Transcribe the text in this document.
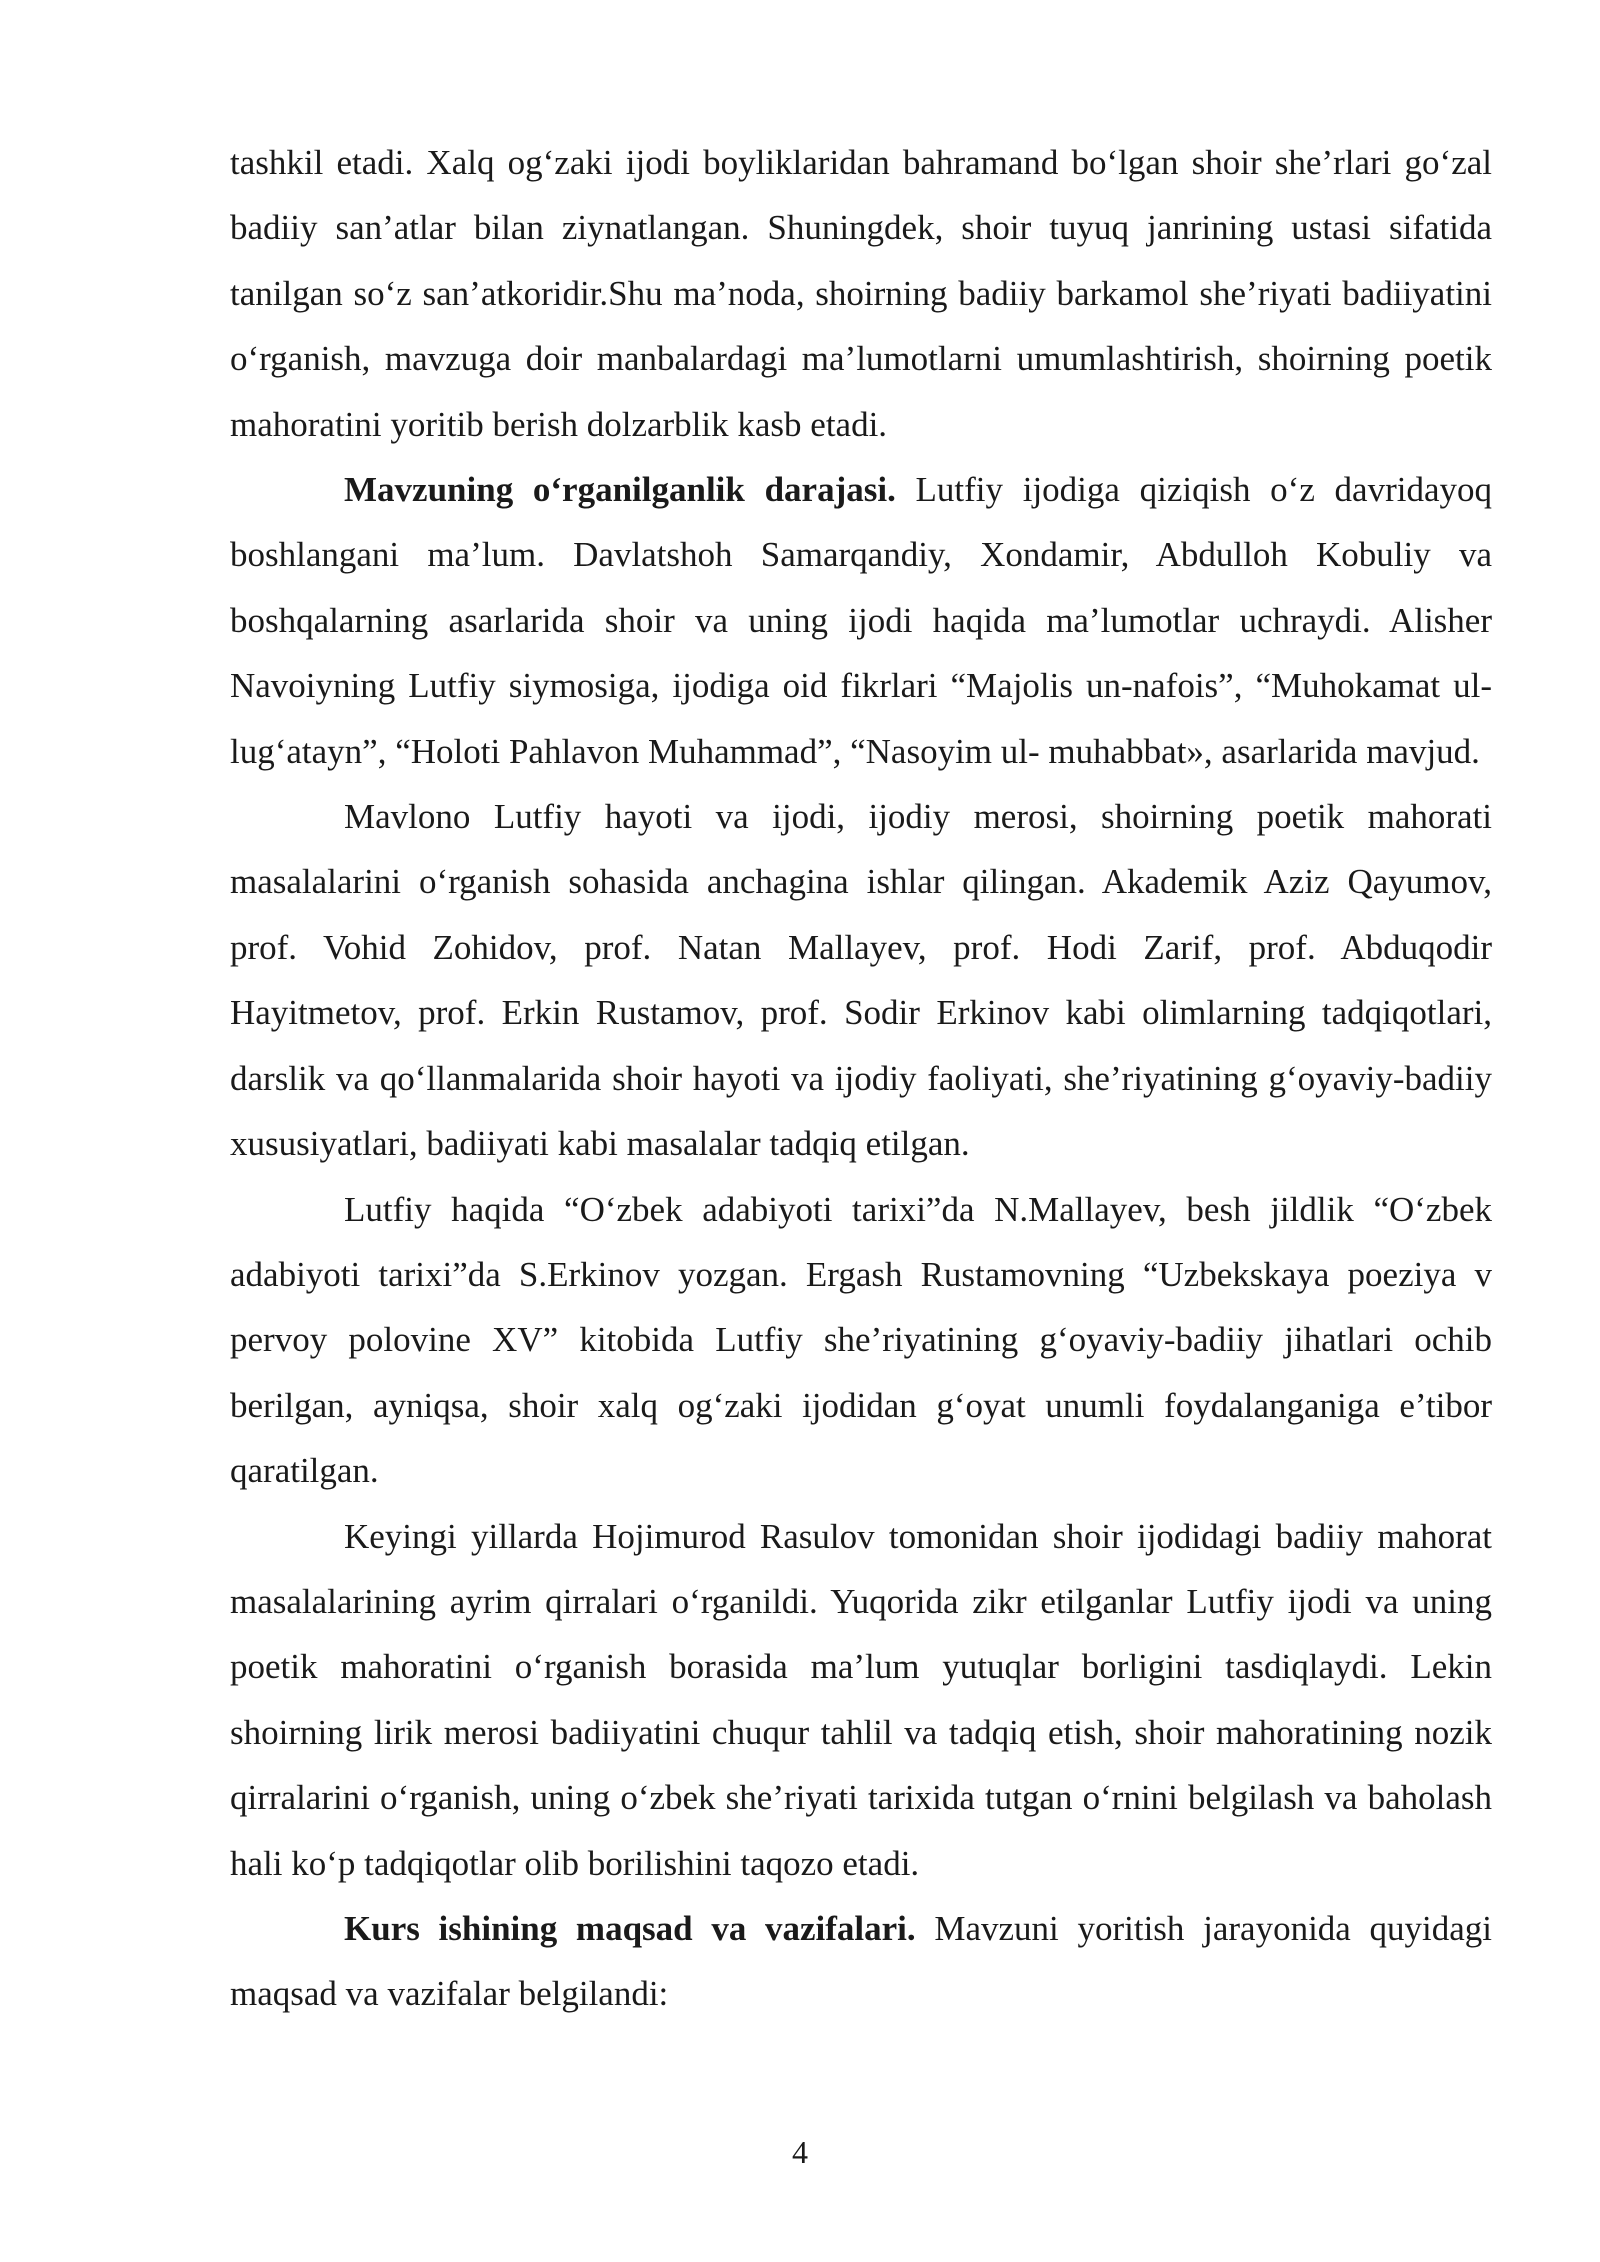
tashkil etadi. Xalq og‘zaki ijodi boyliklaridan bahramand bo‘lgan shoir she’rlari go‘zal badiiy san’atlar bilan ziynatlangan. Shuningdek, shoir tuyuq janrining ustasi sifatida tanilgan so‘z san’atkoridir.Shu ma’noda, shoirning badiiy barkamol she’riyati badiiyatini o‘rganish, mavzuga doir manbalardagi ma’lumotlarni umumlashtirish, shoirning poetik mahoratini yoritib berish dolzarblik kasb etadi.

Mavzuning o‘rganilganlik darajasi. Lutfiy ijodiga qiziqish o‘z davridayoq boshlangani ma’lum. Davlatshoh Samarqandiy, Xondamir, Abdulloh Kobuliy va boshqalarning asarlarida shoir va uning ijodi haqida ma’lumotlar uchraydi. Alisher Navoiyning Lutfiy siymosiga, ijodiga oid fikrlari “Majolis un-nafois”, “Muhokamat ul-lug‘atayn”, “Holoti Pahlavon Muhammad”, “Nasoyim ul- muhabbat», asarlarida mavjud.

Mavlono Lutfiy hayoti va ijodi, ijodiy merosi, shoirning poetik mahorati masalalarini o‘rganish sohasida anchagina ishlar qilingan. Akademik Aziz Qayumov, prof. Vohid Zohidov, prof. Natan Mallayev, prof. Hodi Zarif, prof. Abduqodir Hayitmetov, prof. Erkin Rustamov, prof. Sodir Erkinov kabi olimlarning tadqiqotlari, darslik va qo‘llanmalarida shoir hayoti va ijodiy faoliyati, she’riyatining g‘oyaviy-badiiy xususiyatlari, badiiyati kabi masalalar tadqiq etilgan.

Lutfiy haqida “O‘zbek adabiyoti tarixi”da N.Mallayev, besh jildlik “O‘zbek adabiyoti tarixi”da S.Erkinov yozgan. Ergash Rustamovning “Uzbekskaya poeziya v pervoy polovine XV” kitobida Lutfiy she’riyatining g‘oyaviy-badiiy jihatlari ochib berilgan, ayniqsa, shoir xalq og‘zaki ijodidan g‘oyat unumli foydalanganiga e’tibor qaratilgan.

Keyingi yillarda Hojimurod Rasulov tomonidan shoir ijodidagi badiiy mahorat masalalarining ayrim qirralari o‘rganildi. Yuqorida zikr etilganlar Lutfiy ijodi va uning poetik mahoratini o‘rganish borasida ma’lum yutuqlar borligini tasdiqlaydi. Lekin shoirning lirik merosi badiiyatini chuqur tahlil va tadqiq etish, shoir mahoratining nozik qirralarini o‘rganish, uning o‘zbek she’riyati tarixida tutgan o‘rnini belgilash va baholash hali ko‘p tadqiqotlar olib borilishini taqozo etadi.

Kurs ishining maqsad va vazifalari. Mavzuni yoritish jarayonida quyidagi maqsad va vazifalar belgilandi:

4
